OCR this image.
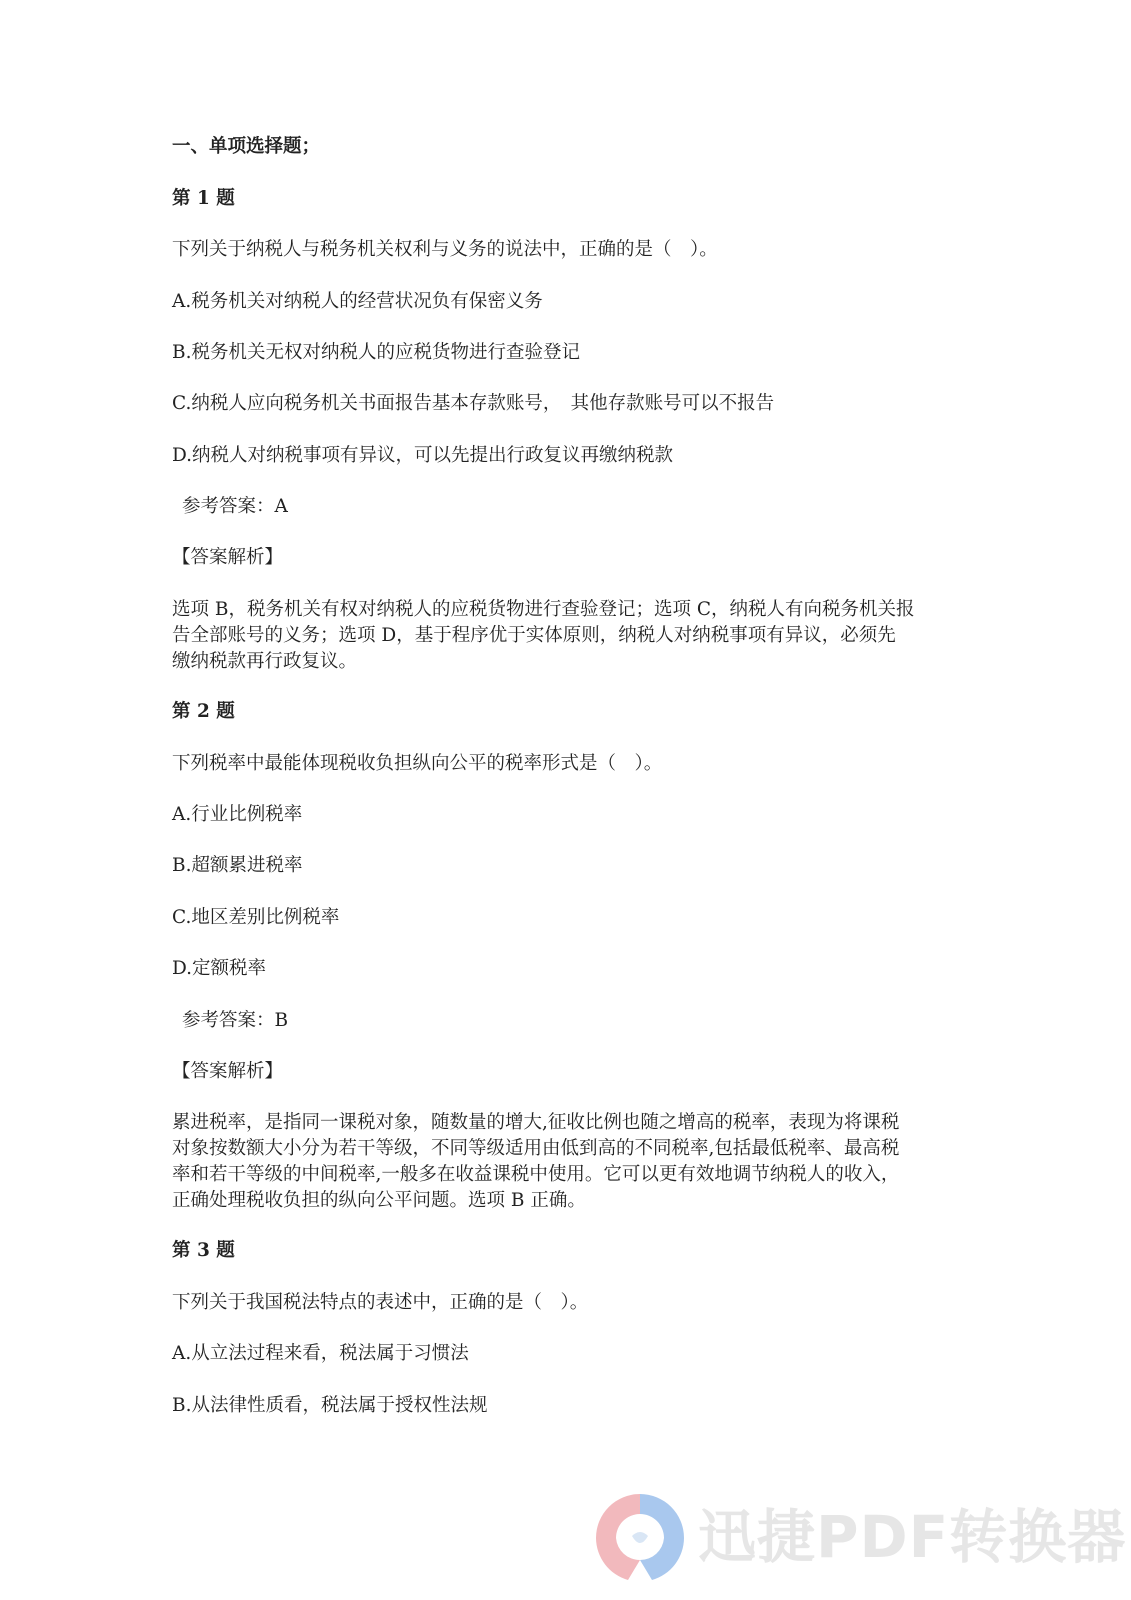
一、单项选择题；
第 1 题
下列关于纳税人与税务机关权利与义务的说法中，正确的是（　）。
A.税务机关对纳税人的经营状况负有保密义务
B.税务机关无权对纳税人的应税货物进行查验登记
C.纳税人应向税务机关书面报告基本存款账号，　其他存款账号可以不报告
D.纳税人对纳税事项有异议，可以先提出行政复议再缴纳税款
参考答案：A
【答案解析】
选项 B，税务机关有权对纳税人的应税货物进行查验登记；选项 C，纳税人有向税务机关报
告全部账号的义务；选项 D，基于程序优于实体原则，纳税人对纳税事项有异议，必须先
缴纳税款再行政复议。
第 2 题
下列税率中最能体现税收负担纵向公平的税率形式是（　）。
A.行业比例税率
B.超额累进税率
C.地区差别比例税率
D.定额税率
参考答案：B
【答案解析】
累进税率，是指同一课税对象，随数量的增大,征收比例也随之增高的税率，表现为将课税
对象按数额大小分为若干等级，不同等级适用由低到高的不同税率,包括最低税率、最高税
率和若干等级的中间税率,一般多在收益课税中使用。它可以更有效地调节纳税人的收入，
正确处理税收负担的纵向公平问题。选项 B 正确。
第 3 题
下列关于我国税法特点的表述中，正确的是（　）。
A.从立法过程来看，税法属于习惯法
B.从法律性质看，税法属于授权性法规
迅捷PDF转换器
